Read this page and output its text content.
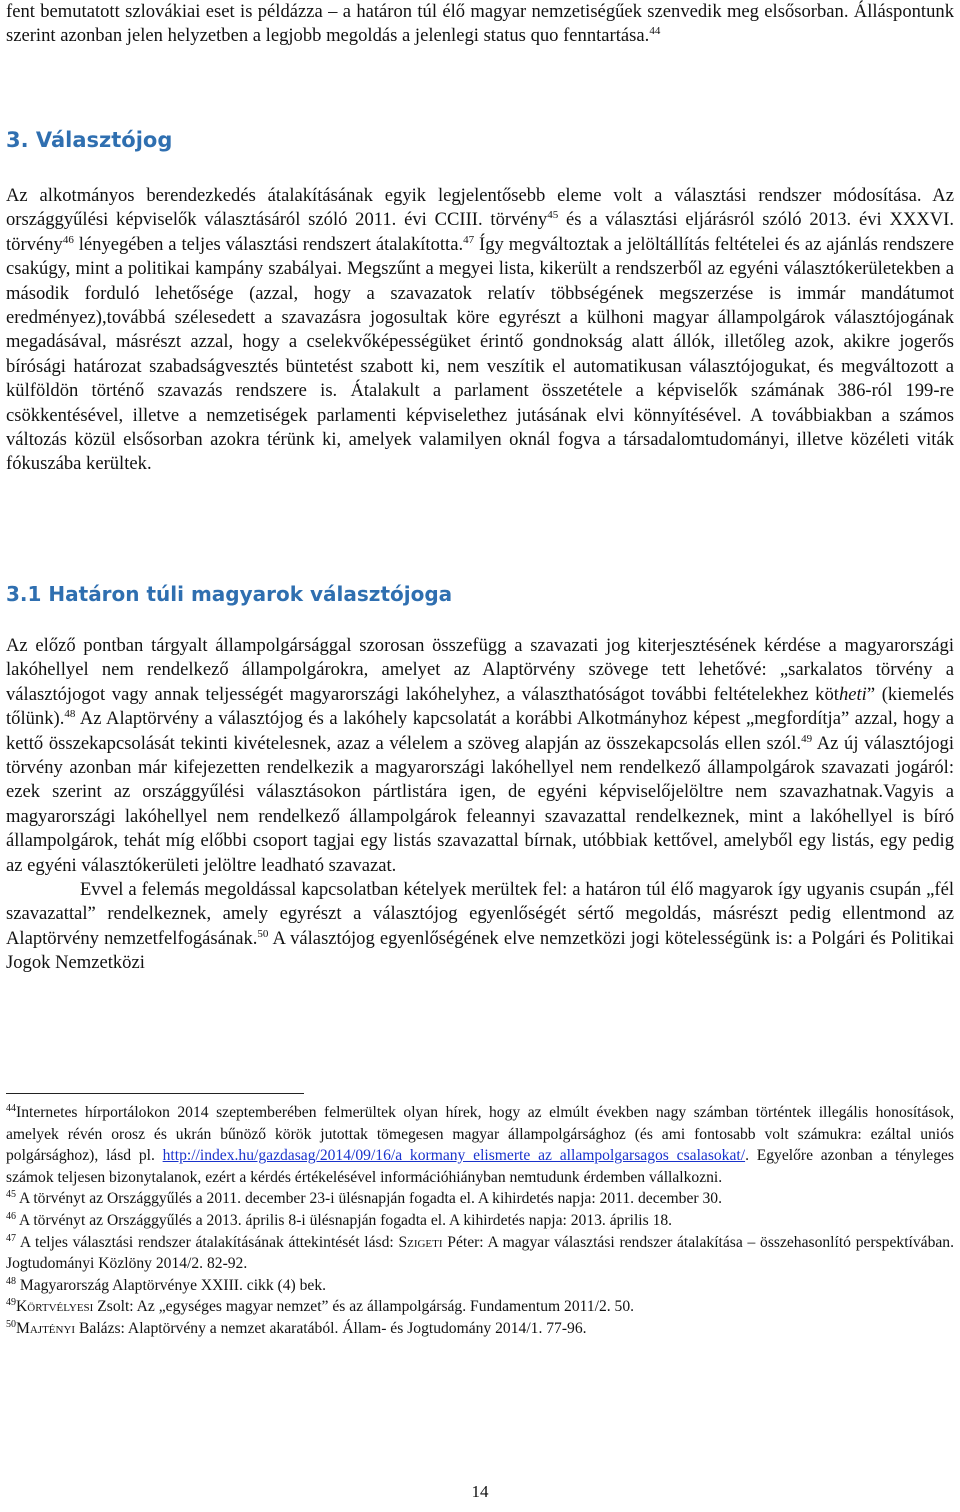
fent bemutatott szlovákiai eset is példázza – a határon túl élő magyar nemzetiségűek szenvedik meg elsősorban. Álláspontunk szerint azonban jelen helyzetben a legjobb megoldás a jelenlegi status quo fenntartása.$^{44}$

3. Választójog

Az alkotmányos berendezkedés átalakításának egyik legjelentősebb eleme volt a választási rendszer módosítása. Az országgyűlési képviselők választásáról szóló 2011. évi CCIII. törvény$^{45}$ és a választási eljárásról szóló 2013. évi XXXVI. törvény$^{46}$ lényegében a teljes választási rendszert átalakította.$^{47}$ Így megváltoztak a jelöltállítás feltételei és az ajánlás rendszere csakúgy, mint a politikai kampány szabályai. Megszűnt a megyei lista, kikerült a rendszerből az egyéni választókerületekben a második forduló lehetősége (azzal, hogy a szavazatok relatív többségének megszerzése is immár mandátumot eredményez),továbbá szélesedett a szavazásra jogosultak köre egyrészt a külhoni magyar állampolgárok választójogának megadásával, másrészt azzal, hogy a cselekvőképességüket érintő gondnokság alatt állók, illetőleg azok, akikre jogerős bírósági határozat szabadságvesztés büntetést szabott ki, nem veszítik el automatikusan választójogukat, és megváltozott a külföldön történő szavazás rendszere is. Átalakult a parlament összetétele a képviselők számának 386-ról 199-re csökkentésével, illetve a nemzetiségek parlamenti képviselethez jutásának elvi könnyítésével. A továbbiakban a számos változás közül elsősorban azokra térünk ki, amelyek valamilyen oknál fogva a társadalomtudományi, illetve közéleti viták fókuszába kerültek.

3.1 Határon túli magyarok választójoga

Az előző pontban tárgyalt állampolgársággal szorosan összefügg a szavazati jog kiterjesztésének kérdése a magyarországi lakóhellyel nem rendelkező állampolgárokra, amelyet az Alaptörvény szövege tett lehetővé: „sarkalatos törvény a választójogot vagy annak teljességét magyarországi lakóhelyhez, a választhatóságot további feltételekhez kötheti” (kiemelés tőlünk).$^{48}$ Az Alaptörvény a választójog és a lakóhely kapcsolatát a korábbi Alkotmányhoz képest „megfordítja” azzal, hogy a kettő összekapcsolását tekinti kivételesnek, azaz a vélelem a szöveg alapján az összekapcsolás ellen szól.$^{49}$ Az új választójogi törvény azonban már kifejezetten rendelkezik a magyarországi lakóhellyel nem rendelkező állampolgárok szavazati jogáról: ezek szerint az országgyűlési választásokon pártlistára igen, de egyéni képviselőjelöltre nem szavazhatnak.Vagyis a magyarországi lakóhellyel nem rendelkező állampolgárok feleannyi szavazattal rendelkeznek, mint a lakóhellyel is bíró állampolgárok, tehát míg előbbi csoport tagjai egy listás szavazattal bírnak, utóbbiak kettővel, amelyből egy listás, egy pedig az egyéni választókerületi jelöltre leadható szavazat.

Evvel a felemás megoldással kapcsolatban kételyek merültek fel: a határon túl élő magyarok így ugyanis csupán „fél szavazattal” rendelkeznek, amely egyrészt a választójog egyenlőségét sértő megoldás, másrészt pedig ellentmond az Alaptörvény nemzetfelfogásának.$^{50}$ A választójog egyenlőségének elve nemzetközi jogi kötelességünk is: a Polgári és Politikai Jogok Nemzetközi

$^{44}$Internetes hírportálokon 2014 szeptemberében felmerültek olyan hírek, hogy az elmúlt években nagy számban történtek illegális honosítások, amelyek révén orosz és ukrán bűnöző körök jutottak tömegesen magyar állampolgársághoz (és ami fontosabb volt számukra: ezáltal uniós polgársághoz), lásd pl. http://index.hu/gazdasag/2014/09/16/a_kormany_elismerte_az_allampolgarsagos_csalasokat/. Egyelőre azonban a tényleges számok teljesen bizonytalanok, ezért a kérdés értékelésével információhiányban nemtudunk érdemben vállalkozni.

$^{45}$ A törvényt az Országgyűlés a 2011. december 23-i ülésnapján fogadta el. A kihirdetés napja: 2011. december 30.

$^{46}$ A törvényt az Országgyűlés a 2013. április 8-i ülésnapján fogadta el. A kihirdetés napja: 2013. április 18.

$^{47}$ A teljes választási rendszer átalakításának áttekintését lásd: Szigeti Péter: A magyar választási rendszer átalakítása – összehasonlító perspektívában. Jogtudományi Közlöny 2014/2. 82-92.

$^{48}$ Magyarország Alaptörvénye XXIII. cikk (4) bek.

$^{49}$Körtvélyesi Zsolt: Az „egységes magyar nemzet” és az állampolgárság. Fundamentum 2011/2. 50.

$^{50}$Majtényi Balázs: Alaptörvény a nemzet akaratából. Állam- és Jogtudomány 2014/1. 77-96.

14
